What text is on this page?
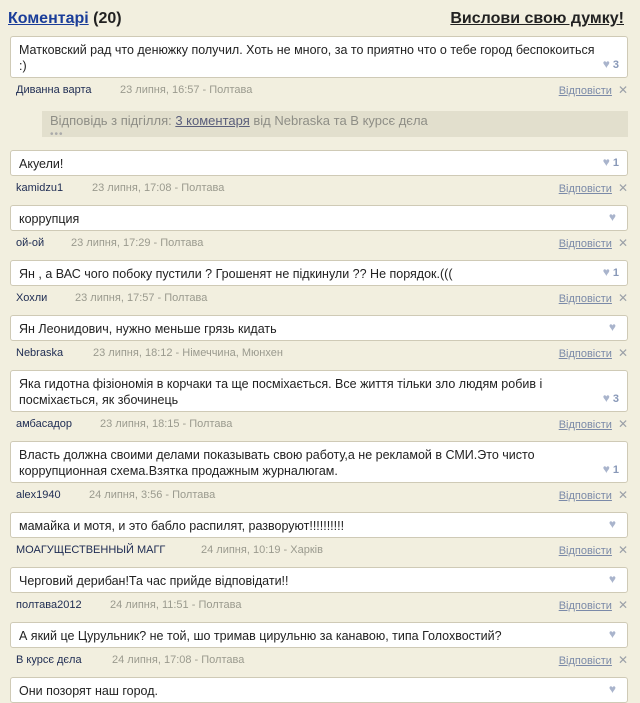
Коментарі (20)	Вислови свою думку!
Матковский рад что денюжку получил. Хоть не много, за то приятно что о тебе город беспокоиться :)	♥ 3
Диванна варта	23 липня, 16:57 - Полтава	Відповісти ✕
Акуели!	♥ 1
kamidzu1	23 липня, 17:08 - Полтава	Відповісти ✕
коррупция	♥
ой-ой 23 липня, 17:29 - Полтава	Відповісти ✕
Ян , а ВАС чого побоку пустили ? Грошенят не підкинули ?? Не порядок.(((	♥ 1
Хохли	23 липня, 17:57 - Полтава	Відповісти ✕
Ян Леонидович, нужно меньше грязь кидать	♥
Nebraska	23 липня, 18:12 - Німеччина, Мюнхен	Відповісти ✕
Яка гидотна фізіономія в корчаки та ще посміхається. Все життя тільки зло людям робив і посміхається, як збочинець	♥ 3
амбасадор	23 липня, 18:15 - Полтава	Відповісти ✕
Власть должна своими делами показывать свою работу,а не рекламой в СМИ.Это чисто коррупционная схема.Взятка продажным журналюгам.	♥ 1
alex1940	24 липня, 3:56 - Полтава	Відповісти ✕
мамайка и мотя, и это бабло распилят, разворуют!!!!!!!!!!	♥
МОАГУЩЕСТВЕННЫЙ МАГГ	24 липня, 10:19 - Харків	Відповісти ✕
Черговий дерибан!Та час прийде відповідати!!	♥
полтава2012	24 липня, 11:51 - Полтава	Відповісти ✕
А який це Цурульник? не той, шо тримав цирульню за канавою, типа Голохвостий?	♥
В курсє дєла	24 липня, 17:08 - Полтава	Відповісти ✕
Они позорят наш город.	♥
Відповідь з підгілля: 3 коментаря від Nebraska та В курсє дєла
•••
